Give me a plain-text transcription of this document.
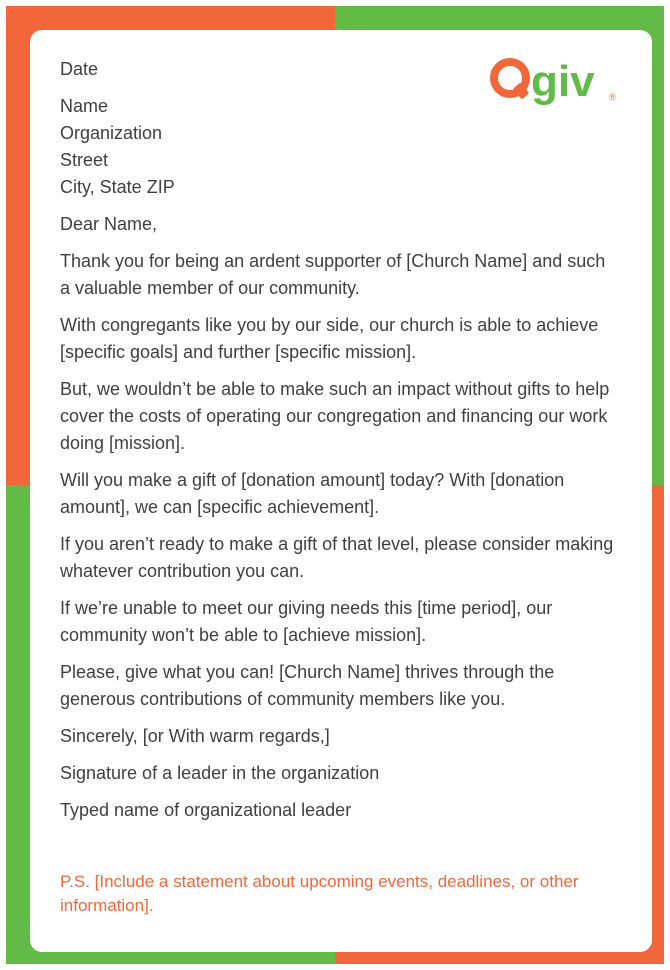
giv ®

Date

Name

Organization

Street

City, State ZIP

Dear Name,

Thank you for being an ardent supporter of [Church Name] and such a valuable member of our community.

With congregants like you by our side, our church is able to achieve [specific goals] and further [specific mission].

But, we wouldn’t be able to make such an impact without gifts to help cover the costs of operating our congregation and financing our work doing [mission].

Will you make a gift of [donation amount] today? With [donation amount], we can [specific achievement].

If you aren’t ready to make a gift of that level, please consider making whatever contribution you can.

If we’re unable to meet our giving needs this [time period], our community won’t be able to [achieve mission].

Please, give what you can! [Church Name] thrives through the generous contributions of community members like you.

Sincerely, [or With warm regards,]

Signature of a leader in the organization

Typed name of organizational leader

P.S. [Include a statement about upcoming events, deadlines, or other information].
